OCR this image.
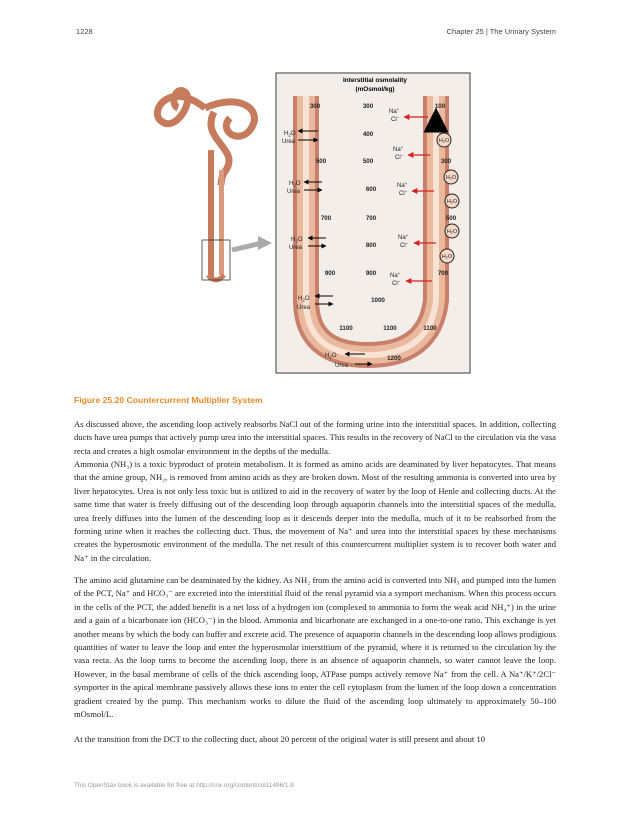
1228	Chapter 25 | The Urinary System
Interstitial osmolality
(mOsmol/kg)
300
500
700
900
1100
300
400
500
600
700
800
900
1000
1100
1200
100
300
500
700
1100
$H_2O$
Urea
$H_2O$
Urea
$H_2O$
Urea
$H_2O$
Urea
$H_2O$
Urea
Na+
Cl−
Na+
Cl−
Na+
Cl−
Na+
Cl−
Na+
Cl−
H₂O
H₂O
H₂O
H₂O
H₂O
Figure 25.20 Countercurrent Multiplier System

As discussed above, the ascending loop actively reabsorbs NaCl out of the forming urine into the interstitial spaces. In addition, collecting ducts have urea pumps that actively pump urea into the interstitial spaces. This results in the recovery of NaCl to the circulation via the vasa recta and creates a high osmolar environment in the depths of the medulla.

Ammonia (NH₃) is a toxic byproduct of protein metabolism. It is formed as amino acids are deaminated by liver hepatocytes. That means that the amine group, NH₂, is removed from amino acids as they are broken down. Most of the resulting ammonia is converted into urea by liver hepatocytes. Urea is not only less toxic but is utilized to aid in the recovery of water by the loop of Henle and collecting ducts. At the same time that water is freely diffusing out of the descending loop through aquaporin channels into the interstitial spaces of the medulla, urea freely diffuses into the lumen of the descending loop as it descends deeper into the medulla, much of it to be reabsorbed from the forming urine when it reaches the collecting duct. Thus, the movement of Na⁺ and urea into the interstitial spaces by these mechanisms creates the hyperosmotic environment of the medulla. The net result of this countercurrent multiplier system is to recover both water and Na⁺ in the circulation.

The amino acid glutamine can be deaminated by the kidney. As NH₂ from the amino acid is converted into NH₃ and pumped into the lumen of the PCT, Na⁺ and HCO₃⁻ are excreted into the interstitial fluid of the renal pyramid via a symport mechanism. When this process occurs in the cells of the PCT, the added benefit is a net loss of a hydrogen ion (complexed to ammonia to form the weak acid NH₄⁺) in the urine and a gain of a bicarbonate ion (HCO₃⁻) in the blood. Ammonia and bicarbonate are exchanged in a one-to-one ratio. This exchange is yet another means by which the body can buffer and excrete acid. The presence of aquaporin channels in the descending loop allows prodigious quantities of water to leave the loop and enter the hyperosmolar interstitium of the pyramid, where it is returned to the circulation by the vasa recta. As the loop turns to become the ascending loop, there is an absence of aquaporin channels, so water cannot leave the loop. However, in the basal membrane of cells of the thick ascending loop, ATPase pumps actively remove Na⁺ from the cell. A Na⁺/K⁺/2Cl⁻ symporter in the apical membrane passively allows these ions to enter the cell cytoplasm from the lumen of the loop down a concentration gradient created by the pump. This mechanism works to dilute the fluid of the ascending loop ultimately to approximately 50–100 mOsmol/L.

At the transition from the DCT to the collecting duct, about 20 percent of the original water is still present and about 10

This OpenStax book is available for free at http://cnx.org/content/col11496/1.8
